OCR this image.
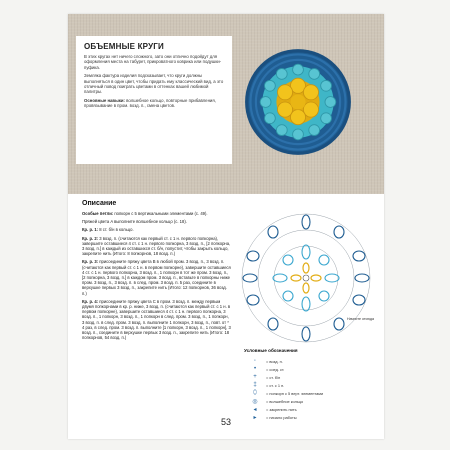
ОБЪЕМНЫЕ КРУГИ

В этих кругах нет ничего сложного, зато они отлично подойдут для оформления места на табурет, прикроватного коврика или подушки-пуфика.

Земляка фактура изделия подсказывает, что круги должны выполняться в один цвет, чтобы придать ему классический вид, а это отличный повод поиграть цветами в оттенках вашей любимой палитры.

Основные навыки: волшебное кольцо, повторные прибавления, провязывание в пром. возд. п., смена цветов.

Описание

Особые петли: попкорн с 5 вертикальными элементами (с. 49).

Пряжей цвета A выполните волшебное кольцо (с. 18).

Кр. р. 1: 8 ст. б/н в кольцо.

Кр. р. 2: 3 возд. п. (считаются как первый ст. с 1 н. первого попкорна), завершите оставшиеся 4 ст. с 1 н. первого попкорна, 3 возд. п., [2 попкорна, 3 возд. п.] в каждый из оставшихся ст. б/н, попустит, чтобы закрыть кольцо, закрепите нить (Итого: 8 попкорнов, 18 возд. п.)

Кр. р. 3: присоедините пряжу цвета B в любой пром. 3 возд. п., 3 возд. п. (считаются как первый ст. с 1 н. в первом попкорне), завершите оставшиеся 4 ст. с 1 н. первого попкорна, 3 возд. п., 1 попкорн в тот же пром. 3 возд. п., [2 попкорна, 3 возд. п.] в каждом пром. 3 возд. п., вставьте в попкорны ниже пром. 3 возд. п., 3 возд. п. в след. пром. 3 возд. п. 5 раз, соедините в верхушке первых 3 возд. п., закрепите нить (Итого: 12 попкорнов, 36 возд. п.)

Кр. р. 4: присоедините пряжу цвета C в пром. 3 возд. п. между первым двумя попкорнами в кр. р. ниже, 3 возд. п. (считаются как первый ст. с 1 н. в первом попкорне), завершите оставшиеся 4 ст. с 1 н. первого попкорна, 3 возд. п., 1 попкорн, 3 возд. п., 1 попкорн в след. пром. 3 возд. п., 1 попкорн, 3 возд. п. в след. пром. 3 возд. п. выполните 1 попкорн, 3 возд. п., повт. от * 4 раз, в след. пром. 3 возд. п. выполните [1 попкорн, 3 возд. п., 1 попкорн], 3 возд. п., соедините в верхушке первых 3 возд. п., закрепите нить (Итого: 18 попкорнов, 54 возд. п.)

Начните отсюда
Условные обозначения
◦	= возд. п.
•	= соед. ст.
+	= ст. б/н
‡	= ст. с 1 н.
⬯	= попкорн с 5 верт. элементами
◎	= волшебное кольцо
◂	= закрепить нить
▸	= начало работы
53
